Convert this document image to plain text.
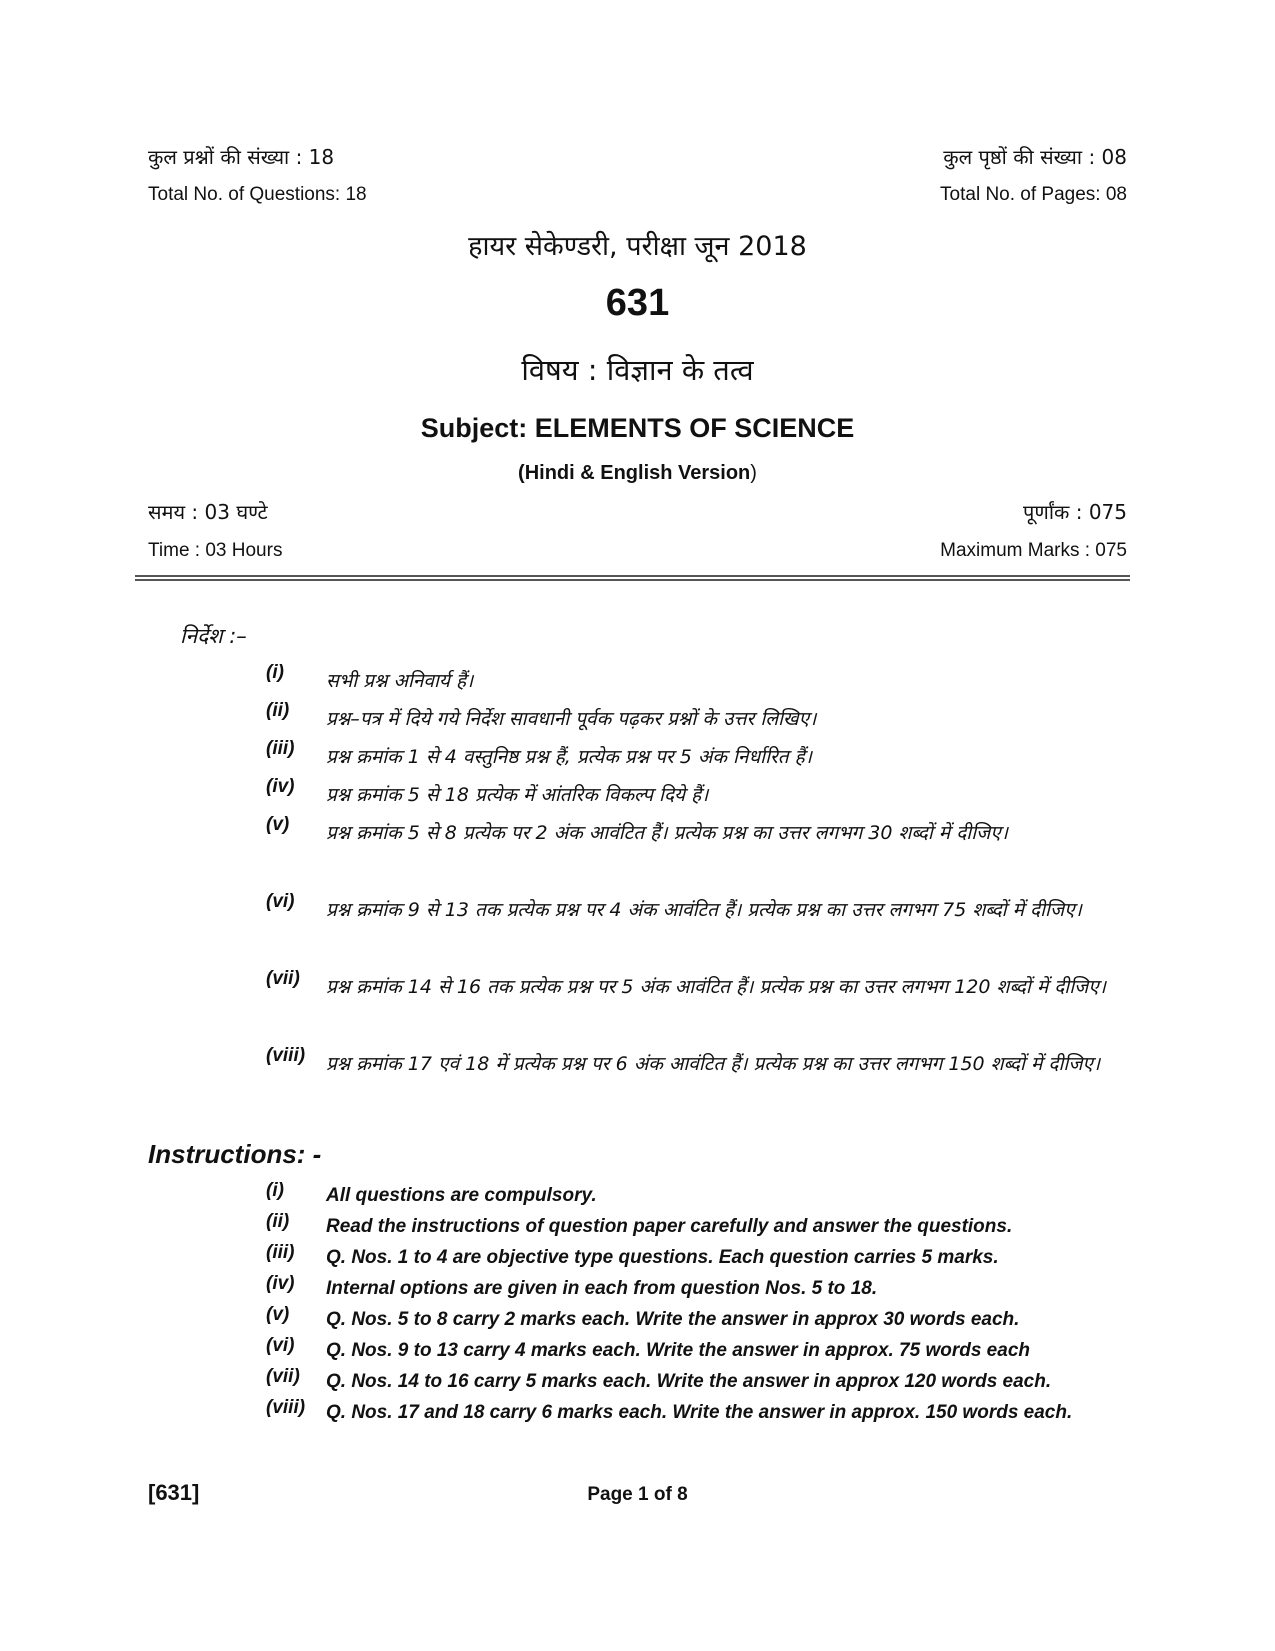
कुल प्रश्नों की संख्या : 18	कुल पृष्ठों की संख्या : 08
Total No. of Questions: 18	Total No. of Pages: 08
हायर सेकेण्डरी, परीक्षा जून 2018
631
विषय : विज्ञान के तत्व
Subject: ELEMENTS OF SCIENCE
(Hindi & English Version)
समय : 03 घण्टे	पूर्णांक : 075
Time : 03 Hours	Maximum Marks : 075
निर्देश :–
(i) सभी प्रश्न अनिवार्य हैं।
(ii) प्रश्न–पत्र में दिये गये निर्देश सावधानी पूर्वक पढ़कर प्रश्नों के उत्तर लिखिए।
(iii) प्रश्न क्रमांक 1 से 4 वस्तुनिष्ठ प्रश्न हैं, प्रत्येक प्रश्न पर 5 अंक निर्धारित हैं।
(iv) प्रश्न क्रमांक 5 से 18 प्रत्येक में आंतरिक विकल्प दिये हैं।
(v) प्रश्न क्रमांक 5 से 8 प्रत्येक पर 2 अंक आवंटित हैं। प्रत्येक प्रश्न का उत्तर लगभग 30 शब्दों में दीजिए।
(vi) प्रश्न क्रमांक 9 से 13 तक प्रत्येक प्रश्न पर 4 अंक आवंटित हैं। प्रत्येक प्रश्न का उत्तर लगभग 75 शब्दों में दीजिए।
(vii) प्रश्न क्रमांक 14 से 16 तक प्रत्येक प्रश्न पर 5 अंक आवंटित हैं। प्रत्येक प्रश्न का उत्तर लगभग 120 शब्दों में दीजिए।
(viii) प्रश्न क्रमांक 17 एवं 18 में प्रत्येक प्रश्न पर 6 अंक आवंटित हैं। प्रत्येक प्रश्न का उत्तर लगभग 150 शब्दों में दीजिए।
Instructions: -
(i) All questions are compulsory.
(ii) Read the instructions of question paper carefully and answer the questions.
(iii) Q. Nos. 1 to 4 are objective type questions. Each question carries 5 marks.
(iv) Internal options are given in each from question Nos. 5 to 18.
(v) Q. Nos. 5 to 8 carry 2 marks each. Write the answer in approx 30 words each.
(vi) Q. Nos. 9 to 13 carry 4 marks each. Write the answer in approx. 75 words each
(vii) Q. Nos. 14 to 16 carry 5 marks each. Write the answer in approx 120 words each.
(viii) Q. Nos. 17 and 18 carry 6 marks each. Write the answer in approx. 150 words each.
[631]	Page 1 of 8
